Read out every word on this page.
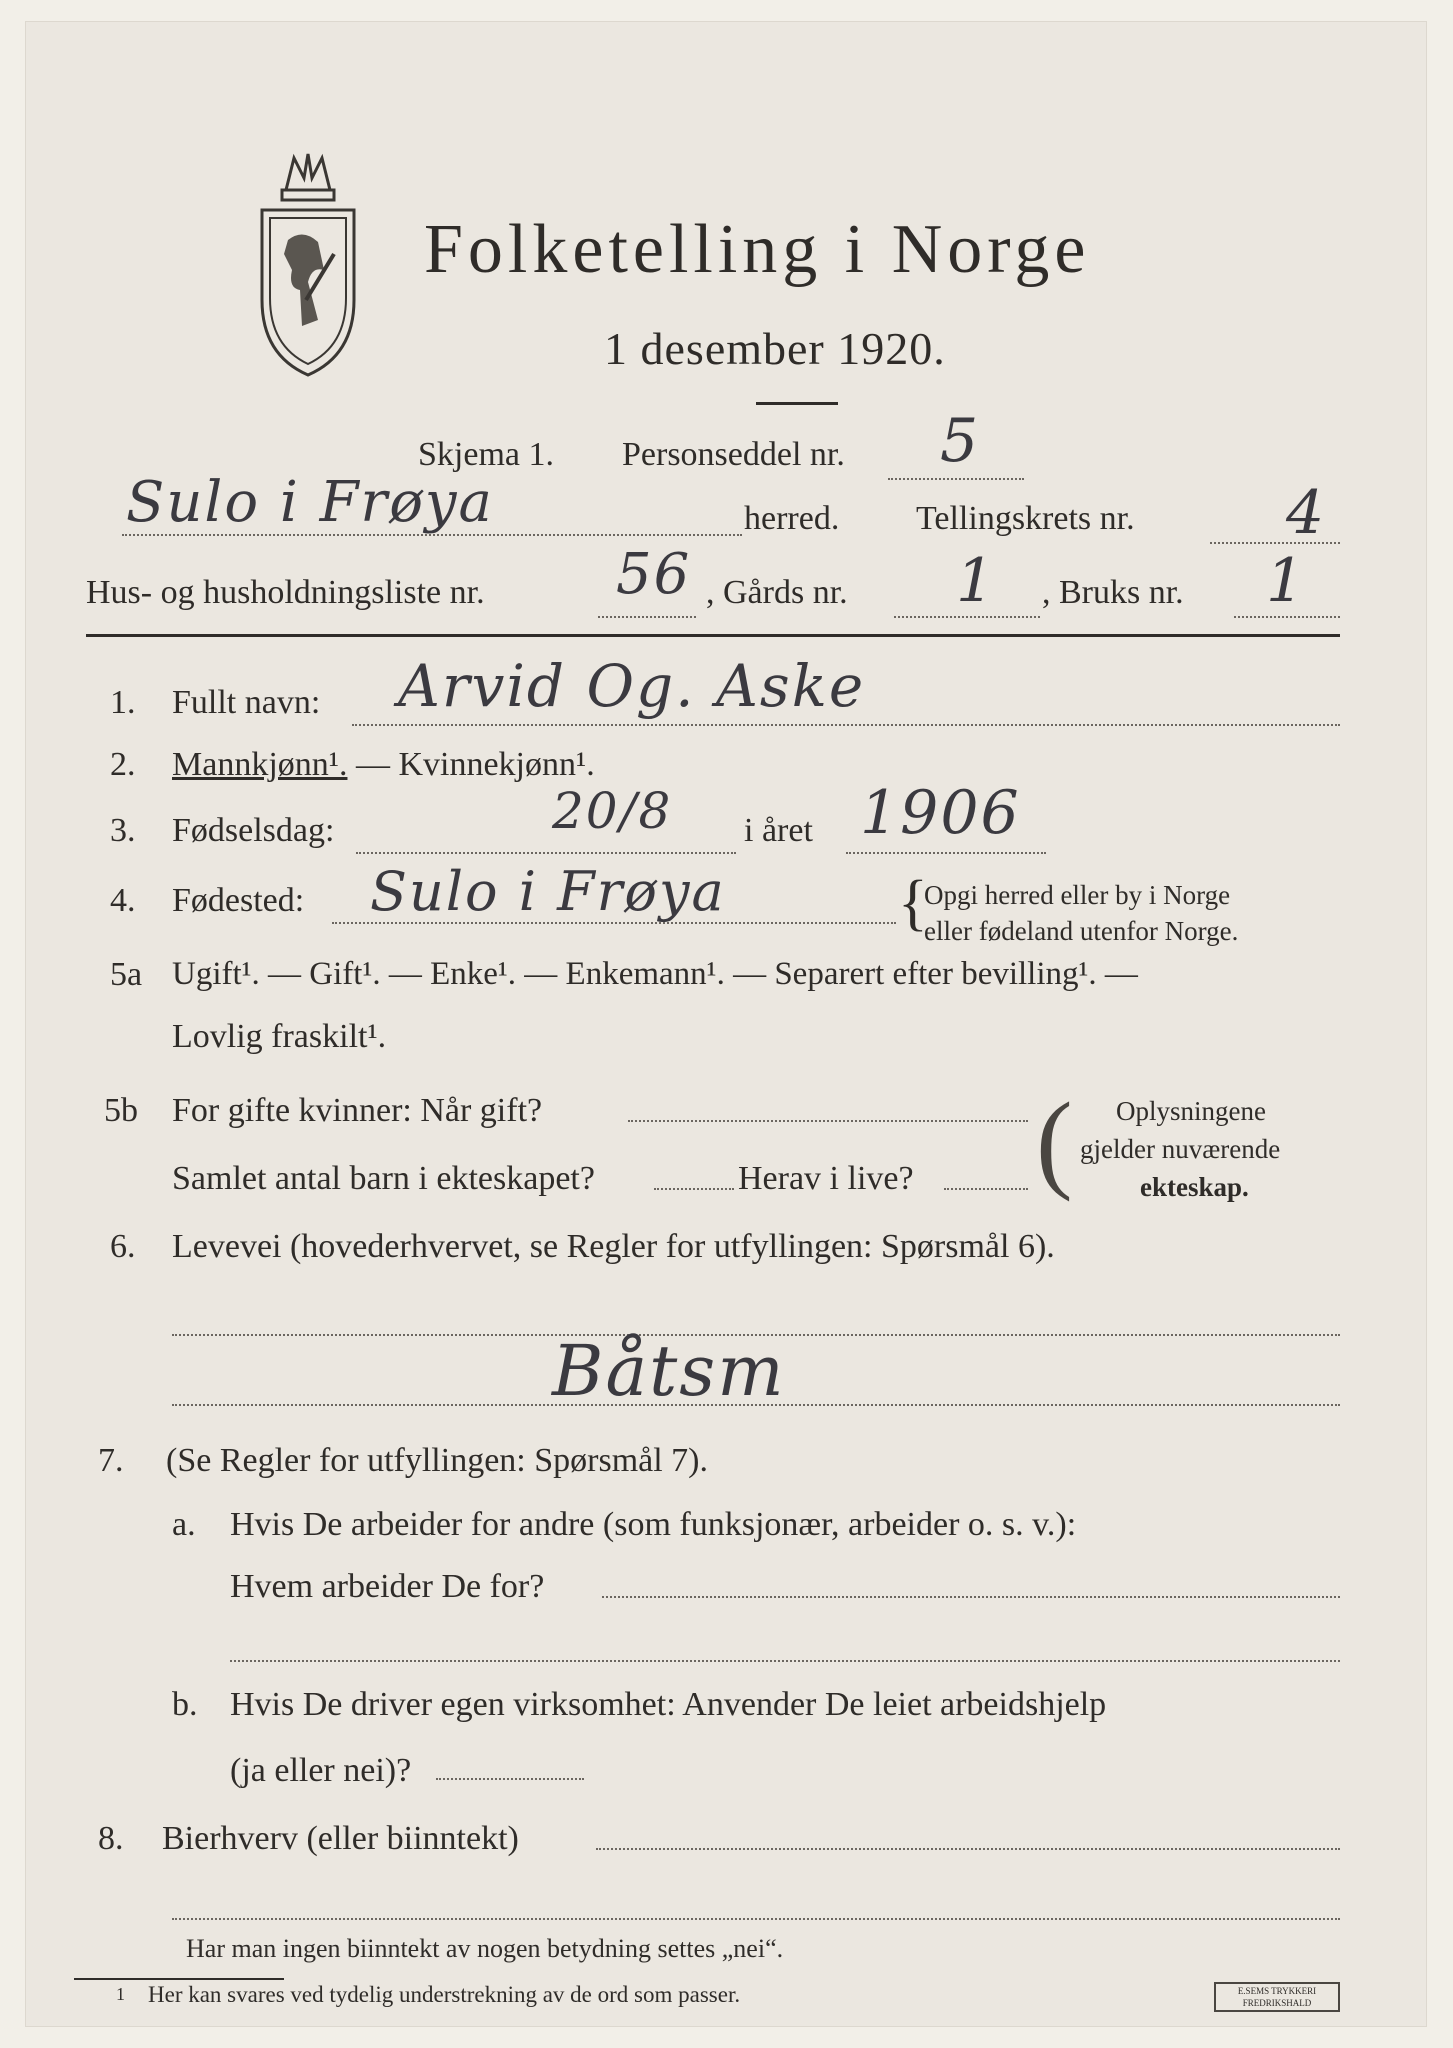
Folketelling i Norge
1 desember 1920.
Skjema 1. Personseddel nr. 5
Sulo i Frøya	herred. Tellingskrets nr.	4
Hus- og husholdningsliste nr. 56 , Gårds nr. 1 , Bruks nr. 1
1. Fullt navn: Arvid Og. Aske
2. Mannkjønn¹. — Kvinnekjønn¹.
3. Fødselsdag:	20/8 i året 1906
4. Fødested: Sulo i Frøya	{
Opgi herred eller by i Norge
eller fødeland utenfor Norge.
5a Ugift¹. — Gift¹. — Enke¹. — Enkemann¹. — Separert efter bevilling¹. —
Lovlig fraskilt¹.
5b For gifte kvinner: Når gift?
Samlet antal barn i ekteskapet?	Herav i live? ( Oplysningene
gjelder nuværende
ekteskap.
6. Levevei (hovederhvervet, se Regler for utfyllingen: Spørsmål 6).
Båtsm
7. (Se Regler for utfyllingen: Spørsmål 7).
a. Hvis De arbeider for andre (som funksjonær, arbeider o. s. v.):
Hvem arbeider De for?
b. Hvis De driver egen virksomhet: Anvender De leiet arbeidshjelp
(ja eller nei)?
8. Bierhverv (eller biinntekt)
Har man ingen biinntekt av nogen betydning settes „nei“.
1 Her kan svares ved tydelig understrekning av de ord som passer.	E.SEMS TRYKKERI FREDRIKSHALD
